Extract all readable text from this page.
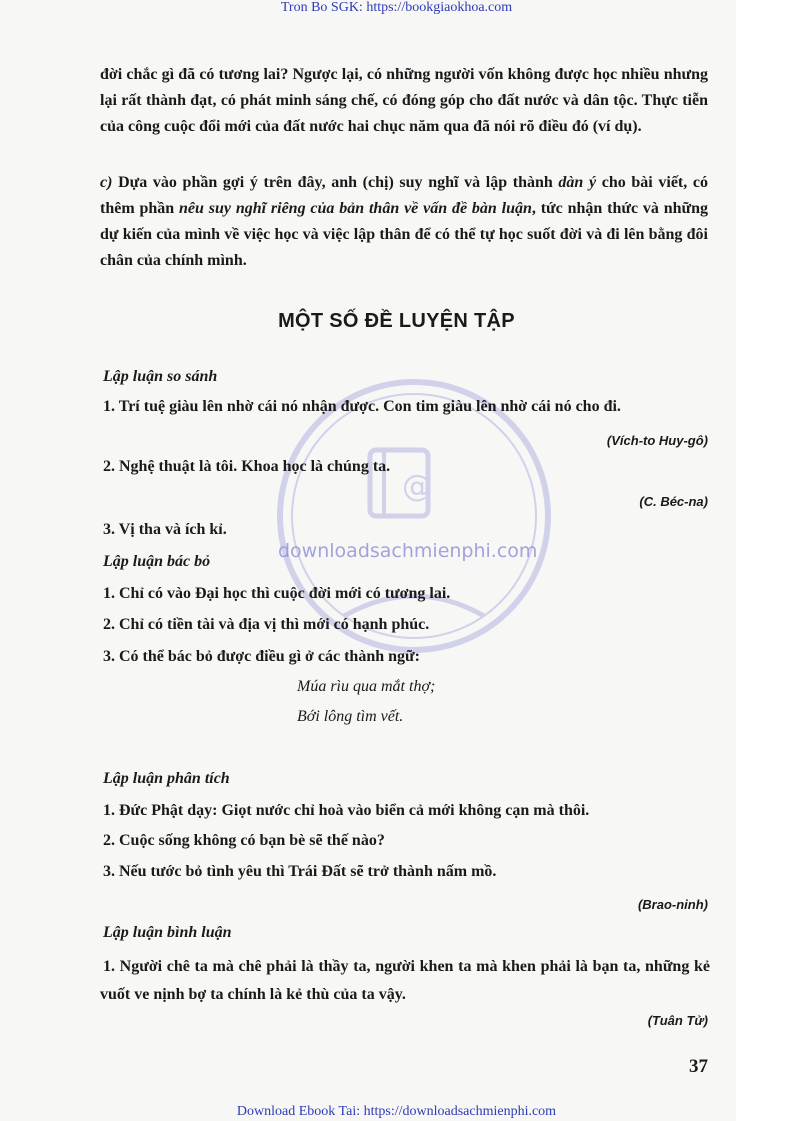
Tron Bo SGK: https://bookgiaokhoa.com
@
downloadsachmienphi.com

đời chắc gì đã có tương lai? Ngược lại, có những người vốn không được học nhiều nhưng lại rất thành đạt, có phát minh sáng chế, có đóng góp cho đất nước và dân tộc. Thực tiễn của công cuộc đổi mới của đất nước hai chục năm qua đã nói rõ điều đó (ví dụ).

c) Dựa vào phần gợi ý trên đây, anh (chị) suy nghĩ và lập thành dàn ý cho bài viết, có thêm phần nêu suy nghĩ riêng của bản thân về vấn đề bàn luận, tức nhận thức và những dự kiến của mình về việc học và việc lập thân để có thể tự học suốt đời và đi lên bằng đôi chân của chính mình.

MỘT SỐ ĐỀ LUYỆN TẬP
Lập luận so sánh
1. Trí tuệ giàu lên nhờ cái nó nhận được. Con tim giàu lên nhờ cái nó cho đi.
(Vích-to Huy-gô)
2. Nghệ thuật là tôi. Khoa học là chúng ta.
(C. Béc-na)
3. Vị tha và ích kỉ.
Lập luận bác bỏ
1. Chỉ có vào Đại học thì cuộc đời mới có tương lai.
2. Chỉ có tiền tài và địa vị thì mới có hạnh phúc.
3. Có thể bác bỏ được điều gì ở các thành ngữ:
Múa rìu qua mắt thợ;
Bới lông tìm vết.
Lập luận phân tích
1. Đức Phật dạy: Giọt nước chỉ hoà vào biển cả mới không cạn mà thôi.
2. Cuộc sống không có bạn bè sẽ thế nào?
3. Nếu tước bỏ tình yêu thì Trái Đất sẽ trở thành nấm mồ.
(Brao-ninh)
Lập luận bình luận
1. Người chê ta mà chê phải là thầy ta, người khen ta mà khen phải là bạn ta, những kẻ vuốt ve nịnh bợ ta chính là kẻ thù của ta vậy.
(Tuân Tử)
37
Download Ebook Tai: https://downloadsachmienphi.com
